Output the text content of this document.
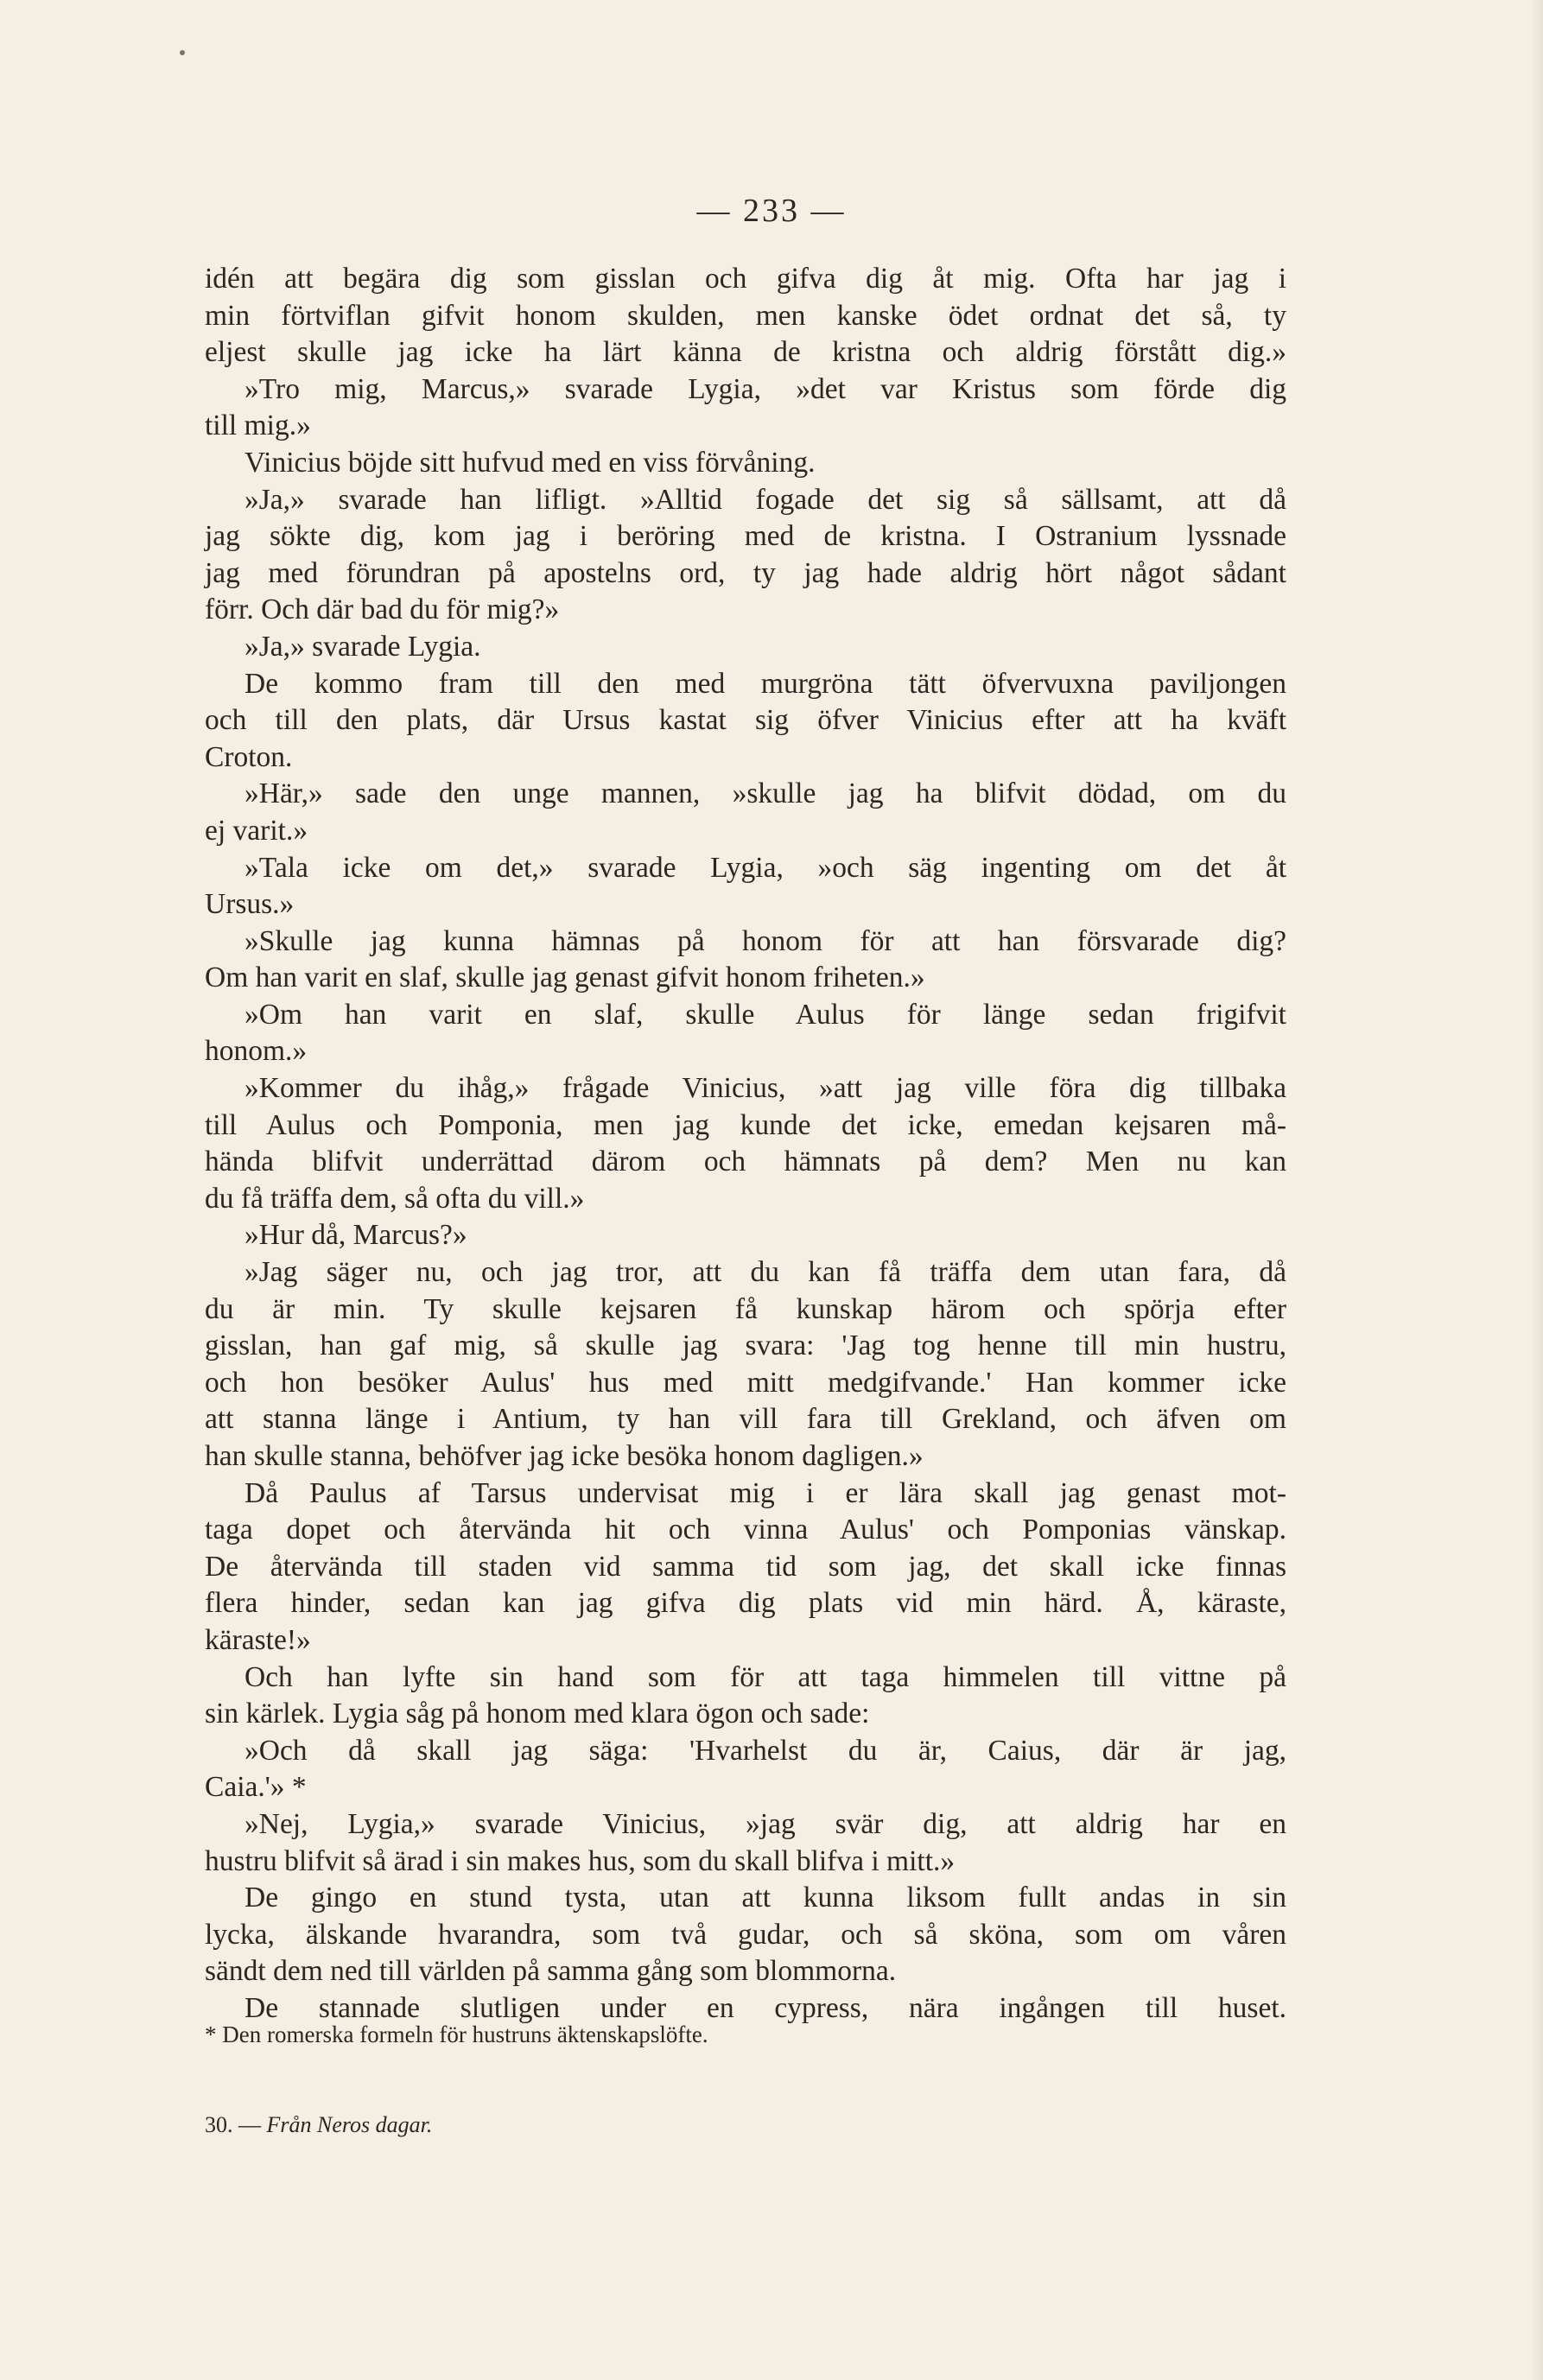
— 233 —
idén att begära dig som gisslan och gifva dig åt mig. Ofta har jag i
min förtviflan gifvit honom skulden, men kanske ödet ordnat det så, ty
eljest skulle jag icke ha lärt känna de kristna och aldrig förstått dig.»
»Tro mig, Marcus,» svarade Lygia, »det var Kristus som förde dig
till mig.»
Vinicius böjde sitt hufvud med en viss förvåning.
»Ja,» svarade han lifligt. »Alltid fogade det sig så sällsamt, att då
jag sökte dig, kom jag i beröring med de kristna. I Ostranium lyssnade
jag med förundran på apostelns ord, ty jag hade aldrig hört något sådant
förr. Och där bad du för mig?»
»Ja,» svarade Lygia.
De kommo fram till den med murgröna tätt öfvervuxna paviljongen
och till den plats, där Ursus kastat sig öfver Vinicius efter att ha kväft
Croton.
»Här,» sade den unge mannen, »skulle jag ha blifvit dödad, om du
ej varit.»
»Tala icke om det,» svarade Lygia, »och säg ingenting om det åt
Ursus.»
»Skulle jag kunna hämnas på honom för att han försvarade dig?
Om han varit en slaf, skulle jag genast gifvit honom friheten.»
»Om han varit en slaf, skulle Aulus för länge sedan frigifvit
honom.»
»Kommer du ihåg,» frågade Vinicius, »att jag ville föra dig tillbaka
till Aulus och Pomponia, men jag kunde det icke, emedan kejsaren må-
hända blifvit underrättad därom och hämnats på dem? Men nu kan
du få träffa dem, så ofta du vill.»
»Hur då, Marcus?»
»Jag säger nu, och jag tror, att du kan få träffa dem utan fara, då
du är min. Ty skulle kejsaren få kunskap härom och spörja efter
gisslan, han gaf mig, så skulle jag svara: 'Jag tog henne till min hustru,
och hon besöker Aulus' hus med mitt medgifvande.' Han kommer icke
att stanna länge i Antium, ty han vill fara till Grekland, och äfven om
han skulle stanna, behöfver jag icke besöka honom dagligen.»
Då Paulus af Tarsus undervisat mig i er lära skall jag genast mot-
taga dopet och återvända hit och vinna Aulus' och Pomponias vänskap.
De återvända till staden vid samma tid som jag, det skall icke finnas
flera hinder, sedan kan jag gifva dig plats vid min härd. Å, käraste,
käraste!»
Och han lyfte sin hand som för att taga himmelen till vittne på
sin kärlek. Lygia såg på honom med klara ögon och sade:
»Och då skall jag säga: 'Hvarhelst du är, Caius, där är jag,
Caia.'» *
»Nej, Lygia,» svarade Vinicius, »jag svär dig, att aldrig har en
hustru blifvit så ärad i sin makes hus, som du skall blifva i mitt.»
De gingo en stund tysta, utan att kunna liksom fullt andas in sin
lycka, älskande hvarandra, som två gudar, och så sköna, som om våren
sändt dem ned till världen på samma gång som blommorna.
De stannade slutligen under en cypress, nära ingången till huset.
* Den romerska formeln för hustruns äktenskapslöfte.
30. — Från Neros dagar.
